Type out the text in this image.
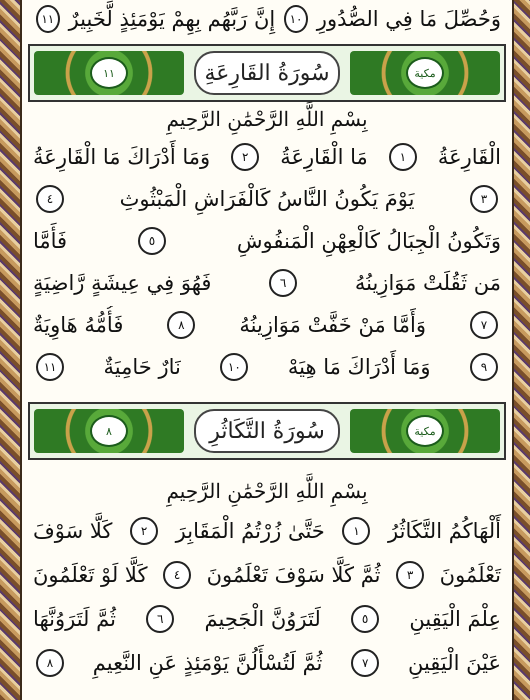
وَحُصِّلَ مَا فِي الصُّدُورِ
١٠
إِنَّ رَبَّهُم بِهِمْ يَوْمَئِذٍ لَّخَبِيرٌ
١١
١١	سُورَةُ القَارِعَةِ	مكية
بِسْمِ اللَّهِ الرَّحْمَٰنِ الرَّحِيمِ
الْقَارِعَةُ
١
مَا الْقَارِعَةُ
٢
وَمَا أَدْرَاكَ مَا الْقَارِعَةُ
٣
يَوْمَ يَكُونُ النَّاسُ كَالْفَرَاشِ الْمَبْثُوثِ
٤
وَتَكُونُ الْجِبَالُ كَالْعِهْنِ الْمَنفُوشِ
٥
فَأَمَّا
مَن ثَقُلَتْ مَوَازِينُهُ
٦
فَهُوَ فِي عِيشَةٍ رَّاضِيَةٍ
٧
وَأَمَّا مَنْ خَفَّتْ مَوَازِينُهُ
٨
فَأُمُّهُ هَاوِيَةٌ
٩
وَمَا أَدْرَاكَ مَا هِيَهْ
١٠
نَارٌ حَامِيَةٌ
١١
٨	سُورَةُ التَّكَاثُرِ	مكية
بِسْمِ اللَّهِ الرَّحْمَٰنِ الرَّحِيمِ
أَلْهَاكُمُ التَّكَاثُرُ
١
حَتَّىٰ زُرْتُمُ الْمَقَابِرَ
٢
كَلَّا سَوْفَ
تَعْلَمُونَ
٣
ثُمَّ كَلَّا سَوْفَ تَعْلَمُونَ
٤
كَلَّا لَوْ تَعْلَمُونَ
عِلْمَ الْيَقِينِ
٥
لَتَرَوُنَّ الْجَحِيمَ
٦
ثُمَّ لَتَرَوُنَّهَا
عَيْنَ الْيَقِينِ
٧
ثُمَّ لَتُسْأَلُنَّ يَوْمَئِذٍ عَنِ النَّعِيمِ
٨
